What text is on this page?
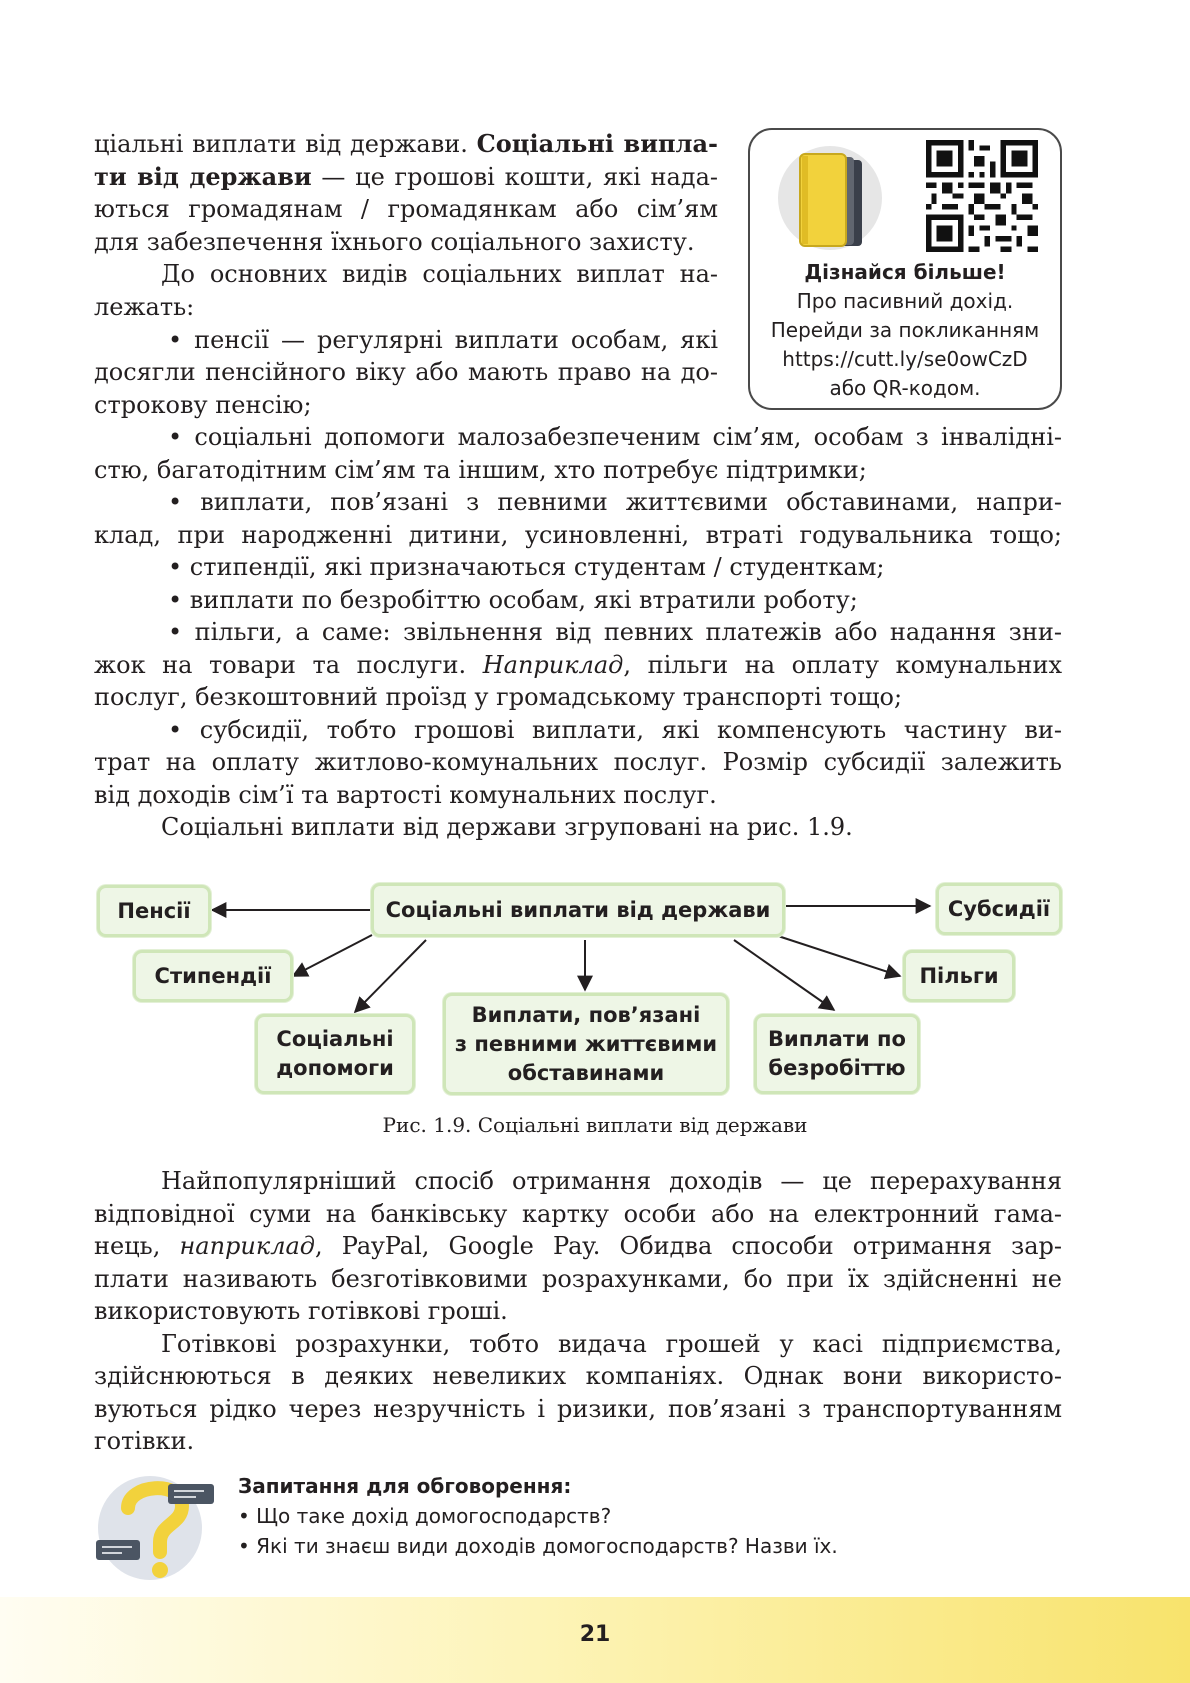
ціальні виплати від держави. Соціальні випла-
ти від держави — це грошові кошти, які нада-
ються громадянам / громадянкам або сім’ям
для забезпечення їхнього соціального захисту.
До основних видів соціальних виплат на-
лежать:
• пенсії — регулярні виплати особам, які
досягли пенсійного віку або мають право на до-
строкову пенсію;
• соціальні допомоги малозабезпеченим сім’ям, особам з інвалідні-
стю, багатодітним сім’ям та іншим, хто потребує підтримки;
• виплати, пов’язані з певними життєвими обставинами, напри-
клад, при народженні дитини, усиновленні, втраті годувальника тощо;
• стипендії, які призначаються студентам / студенткам;
• виплати по безробіттю особам, які втратили роботу;
• пільги, а саме: звільнення від певних платежів або надання зни-
жок на товари та послуги. Наприклад, пільги на оплату комунальних
послуг, безкоштовний проїзд у громадському транспорті тощо;
• субсидії, тобто грошові виплати, які компенсують частину ви-
трат на оплату житлово-комунальних послуг. Розмір субсидії залежить
від доходів сім’ї та вартості комунальних послуг.
Соціальні виплати від держави згруповані на рис. 1.9.
Дізнайся більше!
Про пасивний дохід.
Перейди за покликанням
https://cutt.ly/se0owCzD
або QR-кодом.
Соціальні виплати від держави
Пенсії	Субсидії
Стипендії	Пільги
Соціальні
допомоги
Виплати, пов’язані
з певними життєвими
обставинами
Виплати по
безробіттю
Рис. 1.9. Соціальні виплати від держави
Найпопулярніший спосіб отримання доходів — це перерахування
відповідної суми на банківську картку особи або на електронний гама-
нець, наприклад, PayPal, Google Pay. Обидва способи отримання зар-
плати називають безготівковими розрахунками, бо при їх здійсненні не
використовують готівкові гроші.
Готівкові розрахунки, тобто видача грошей у касі підприємства,
здійснюються в деяких невеликих компаніях. Однак вони використо-
вуються рідко через незручність і ризики, пов’язані з транспортуванням
готівки.
Запитання для обговорення:
• Що таке дохід домогосподарств?
• Які ти знаєш види доходів домогосподарств? Назви їх.
21
